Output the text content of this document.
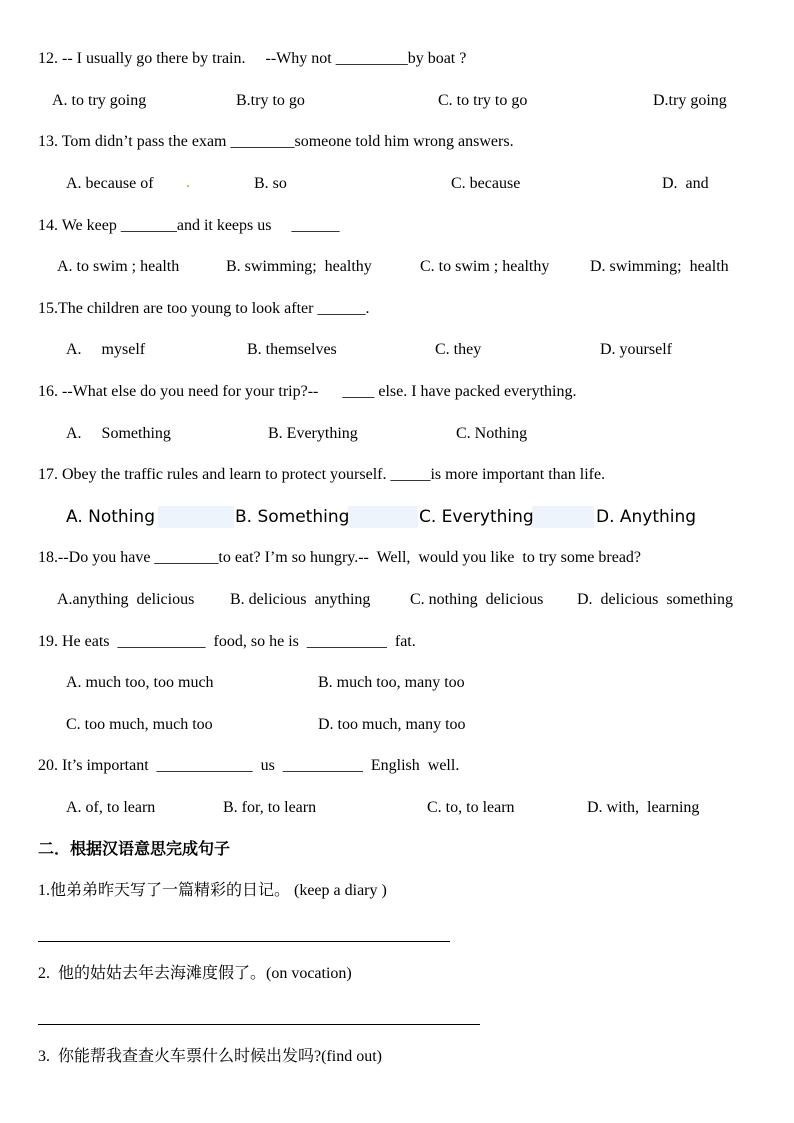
12. -- I usually go there by train.     --Why not _________by boat ?
A. to try going	B.try to go	C. to try to go	D.try going
13. Tom didn’t pass the exam ________someone told him wrong answers.
A. because of .	B. so	C. because	D.  and
14. We keep _______and it keeps us     ______
A. to swim ; health	B. swimming;  healthy	C. to swim ; healthy	D. swimming;  health
15.The children are too young to look after ______.
A.     myself	B. themselves	C. they	D. yourself
16. --What else do you need for your trip?--      ____ else. I have packed everything.
A.     Something	B. Everything	C. Nothing
17. Obey the traffic rules and learn to protect yourself. _____is more important than life.
A. Nothing	B. Something	C. Everything	D. Anything
18.--Do you have ________to eat? I’m so hungry.--  Well,  would you like  to try some bread?
A.anything  delicious B. delicious  anything C. nothing  delicious D.  delicious  something
19. He eats  ___________  food, so he is  __________  fat.
A. much too, too much	B. much too, many too
C. too much, much too	D. too much, many too
20. It’s important  ____________  us  __________  English  well.
A. of, to learn	B. for, to learn	C. to, to learn	D. with,  learning
二．根据汉语意思完成句子
1.他弟弟昨天写了一篇精彩的日记。 (keep a diary )
2.  他的姑姑去年去海滩度假了。(on vocation)
3.  你能帮我查查火车票什么时候出发吗?(find out)
